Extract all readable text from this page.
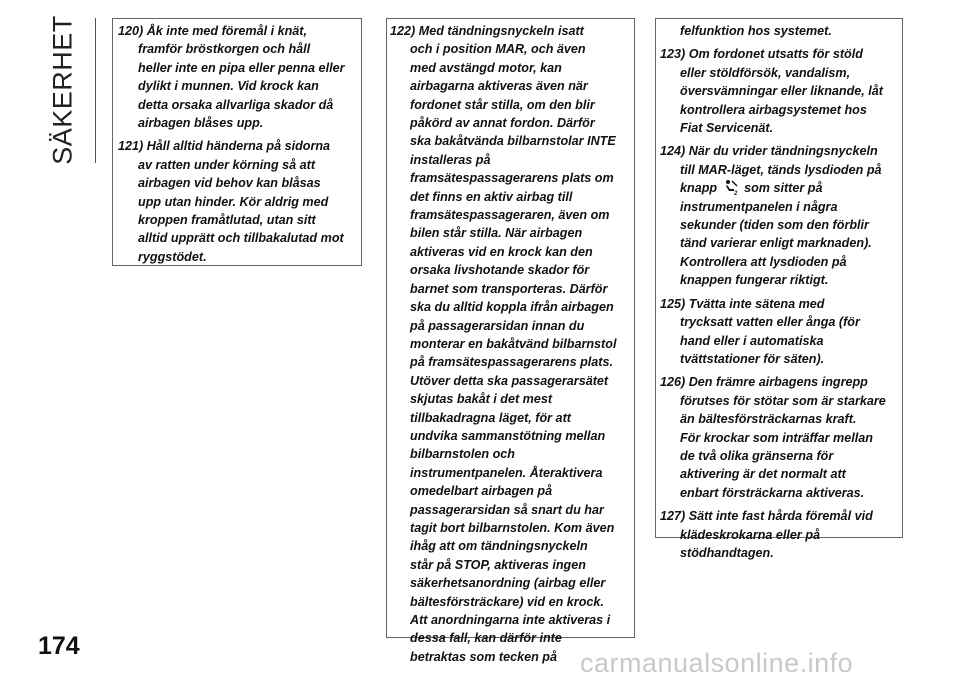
SÄKERHET	120) Åk inte med föremål i knät,
framför bröstkorgen och håll
heller inte en pipa eller penna eller
dylikt i munnen. Vid krock kan
detta orsaka allvarliga skador då
airbagen blåses upp.
121) Håll alltid händerna på sidorna
av ratten under körning så att
airbagen vid behov kan blåsas
upp utan hinder. Kör aldrig med
kroppen framåtlutad, utan sitt
alltid upprätt och tillbakalutad mot
ryggstödet.
122) Med tändningsnyckeln isatt
och i position MAR, och även
med avstängd motor, kan
airbagarna aktiveras även när
fordonet står stilla, om den blir
påkörd av annat fordon. Därför
ska bakåtvända bilbarnstolar INTE
installeras på
framsätespassagerarens plats om
det finns en aktiv airbag till
framsätespassageraren, även om
bilen står stilla. När airbagen
aktiveras vid en krock kan den
orsaka livshotande skador för
barnet som transporteras. Därför
ska du alltid koppla ifrån airbagen
på passagerarsidan innan du
monterar en bakåtvänd bilbarnstol
på framsätespassagerarens plats.
Utöver detta ska passagerarsätet
skjutas bakåt i det mest
tillbakadragna läget, för att
undvika sammanstötning mellan
bilbarnstolen och
instrumentpanelen. Återaktivera
omedelbart airbagen på
passagerarsidan så snart du har
tagit bort bilbarnstolen. Kom även
ihåg att om tändningsnyckeln
står på STOP, aktiveras ingen
säkerhetsanordning (airbag eller
bältesförsträckare) vid en krock.
Att anordningarna inte aktiveras i
dessa fall, kan därför inte
betraktas som tecken på
felfunktion hos systemet.
123) Om fordonet utsatts för stöld
eller stöldförsök, vandalism,
översvämningar eller liknande, låt
kontrollera airbagsystemet hos
Fiat Servicenät.
124) När du vrider tändningsnyckeln
till MAR-läget, tänds lysdioden på
knapp	2 som sitter på
instrumentpanelen i några
sekunder (tiden som den förblir
tänd varierar enligt marknaden).
Kontrollera att lysdioden på
knappen fungerar riktigt.
125) Tvätta inte sätena med
trycksatt vatten eller ånga (för
hand eller i automatiska
tvättstationer för säten).
126) Den främre airbagens ingrepp
förutses för stötar som är starkare
än bältesförsträckarnas kraft.
För krockar som inträffar mellan
de två olika gränserna för
aktivering är det normalt att
enbart försträckarna aktiveras.
127) Sätt inte fast hårda föremål vid
klädeskrokarna eller på
stödhandtagen.
174
carmanualsonline.info
